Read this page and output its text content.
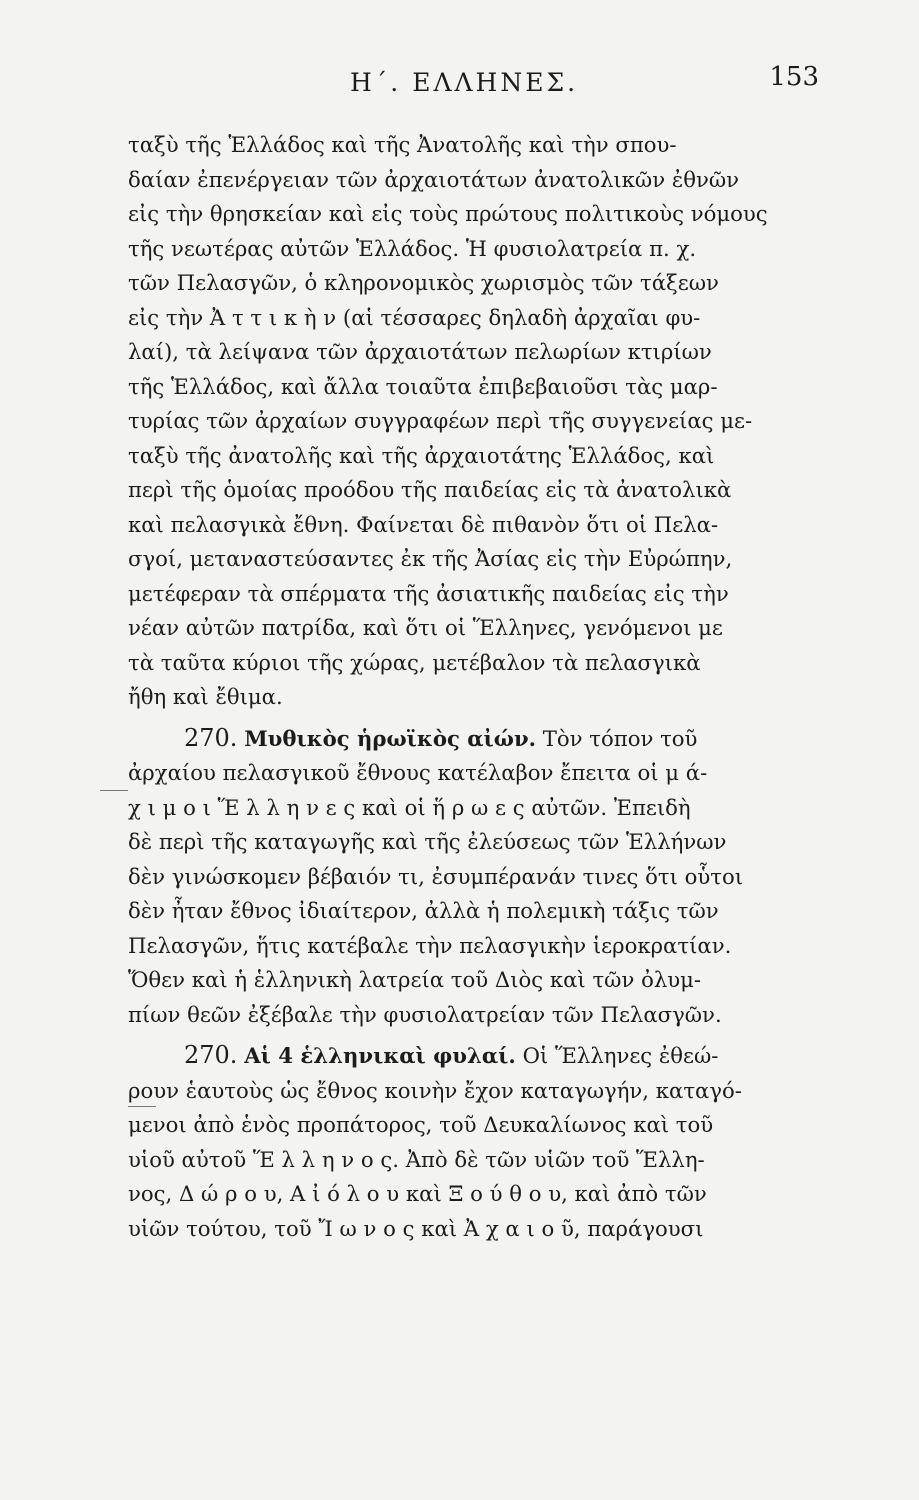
Η΄. ΕΛΛΗΝΕΣ.	153
ταξὺ τῆς Ἑλλάδος καὶ τῆς Ἀνατολῆς καὶ τὴν σπου-
δαίαν ἐπενέργειαν τῶν ἀρχαιοτάτων ἀνατολικῶν ἐθνῶν
εἰς τὴν θρησκείαν καὶ εἰς τοὺς πρώτους πολιτικοὺς νόμους
τῆς νεωτέρας αὐτῶν Ἑλλάδος. Ἡ φυσιολατρεία π. χ.
τῶν Πελασγῶν, ὁ κληρονομικὸς χωρισμὸς τῶν τάξεων
εἰς τὴν Ἀ τ τ ι κ ὴ ν (αἱ τέσσαρες δηλαδὴ ἀρχαῖαι φυ-
λαί), τὰ λείψανα τῶν ἀρχαιοτάτων πελωρίων κτιρίων
τῆς Ἑλλάδος, καὶ ἄλλα τοιαῦτα ἐπιβεβαιοῦσι τὰς μαρ-
τυρίας τῶν ἀρχαίων συγγραφέων περὶ τῆς συγγενείας με-
ταξὺ τῆς ἀνατολῆς καὶ τῆς ἀρχαιοτάτης Ἑλλάδος, καὶ
περὶ τῆς ὁμοίας προόδου τῆς παιδείας εἰς τὰ ἀνατολικὰ
καὶ πελασγικὰ ἔθνη. Φαίνεται δὲ πιθανὸν ὅτι οἱ Πελα-
σγοί, μεταναστεύσαντες ἐκ τῆς Ἀσίας εἰς τὴν Εὐρώπην,
μετέφεραν τὰ σπέρματα τῆς ἀσιατικῆς παιδείας εἰς τὴν
νέαν αὐτῶν πατρίδα, καὶ ὅτι οἱ Ἕλληνες, γενόμενοι με
τὰ ταῦτα κύριοι τῆς χώρας, μετέβαλον τὰ πελασγικὰ
ἤθη καὶ ἔθιμα.
270. Μυθικὸς ἡρωϊκὸς αἰών. Τὸν τόπον τοῦ
ἀρχαίου πελασγικοῦ ἔθνους κατέλαβον ἔπειτα οἱ μ ά-
χ ι μ ο ι Ἕ λ λ η ν ε ς καὶ οἱ ἥ ρ ω ε ς αὐτῶν. Ἐπειδὴ
δὲ περὶ τῆς καταγωγῆς καὶ τῆς ἐλεύσεως τῶν Ἑλλήνων
δὲν γινώσκομεν βέβαιόν τι, ἐσυμπέρανάν τινες ὅτι οὗτοι
δὲν ἦταν ἔθνος ἰδιαίτερον, ἀλλὰ ἡ πολεμικὴ τάξις τῶν
Πελασγῶν, ἥτις κατέβαλε τὴν πελασγικὴν ἱεροκρατίαν.
Ὅθεν καὶ ἡ ἑλληνικὴ λατρεία τοῦ Διὸς καὶ τῶν ὀλυμ-
πίων θεῶν ἐξέβαλε τὴν φυσιολατρείαν τῶν Πελασγῶν.
270. Αἱ 4 ἑλληνικαὶ φυλαί. Οἱ Ἕλληνες ἐθεώ-
ρουν ἑαυτοὺς ὡς ἔθνος κοινὴν ἔχον καταγωγήν, καταγό-
μενοι ἀπὸ ἑνὸς προπάτορος, τοῦ Δευκαλίωνος καὶ τοῦ
υἱοῦ αὐτοῦ Ἕ λ λ η ν ο ς. Ἀπὸ δὲ τῶν υἱῶν τοῦ Ἕλλη-
νος, Δ ώ ρ ο υ, Α ἰ ό λ ο υ καὶ Ξ ο ύ θ ο υ, καὶ ἀπὸ τῶν
υἱῶν τούτου, τοῦ Ἴ ω ν ο ς καὶ Ἀ χ α ι ο ῦ, παράγουσι
